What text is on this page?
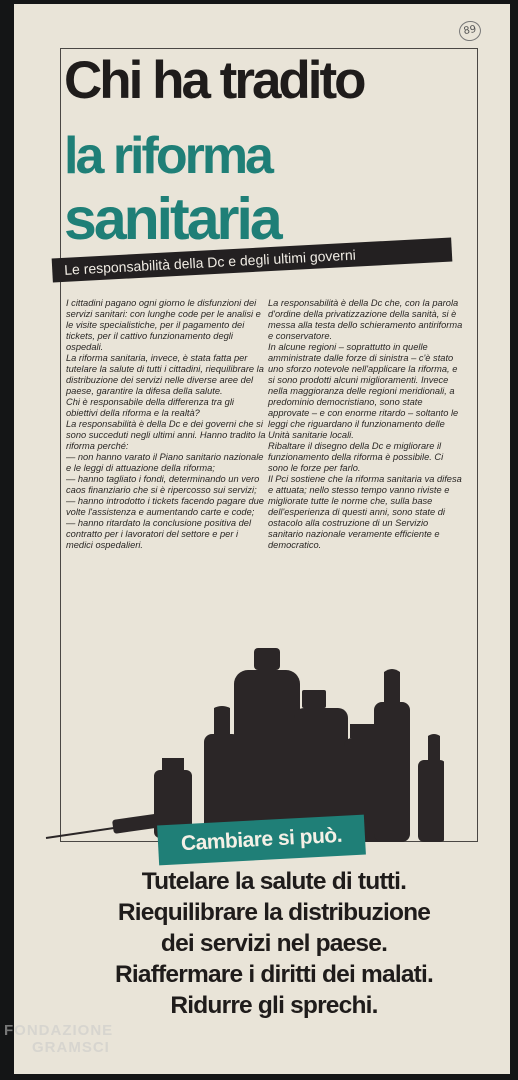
89
Chi ha tradito
la riforma
sanitaria
Le responsabilità della Dc e degli ultimi governi

I cittadini pagano ogni giorno le disfunzioni dei servizi sanitari: con lunghe code per le analisi e le visite specialistiche, per il pagamento dei tickets, per il cattivo funzionamento degli ospedali.

La riforma sanitaria, invece, è stata fatta per tutelare la salute di tutti i cittadini, riequilibrare la distribuzione dei servizi nelle diverse aree del paese, garantire la difesa della salute.

Chi è responsabile della differenza tra gli obiettivi della riforma e la realtà?

La responsabilità è della Dc e dei governi che si sono succeduti negli ultimi anni. Hanno tradito la riforma perché:

— non hanno varato il Piano sanitario nazionale e le leggi di attuazione della riforma;

— hanno tagliato i fondi, determinando un vero caos finanziario che si è ripercosso sui servizi;

— hanno introdotto i tickets facendo pagare due volte l'assistenza e aumentando carte e code;

— hanno ritardato la conclusione positiva del contratto per i lavoratori del settore e per i medici ospedalieri.

La responsabilità è della Dc che, con la parola d'ordine della privatizzazione della sanità, si è messa alla testa dello schieramento antiriforma e conservatore.

In alcune regioni – soprattutto in quelle amministrate dalle forze di sinistra – c'è stato uno sforzo notevole nell'applicare la riforma, e si sono prodotti alcuni miglioramenti. Invece nella maggioranza delle regioni meridionali, a predominio democristiano, sono state approvate – e con enorme ritardo – soltanto le leggi che riguardano il funzionamento delle Unità sanitarie locali.

Ribaltare il disegno della Dc e migliorare il funzionamento della riforma è possibile. Ci sono le forze per farlo.

Il Pci sostiene che la riforma sanitaria va difesa e attuata; nello stesso tempo vanno riviste e migliorate tutte le norme che, sulla base dell'esperienza di questi anni, sono state di ostacolo alla costruzione di un Servizio sanitario nazionale veramente efficiente e democratico.

Cambiare si può.
Tutelare la salute di tutti.
Riequilibrare la distribuzione
dei servizi nel paese.
Riaffermare i diritti dei malati.
Ridurre gli sprechi.
FONDAZIONE
GRAMSCI
